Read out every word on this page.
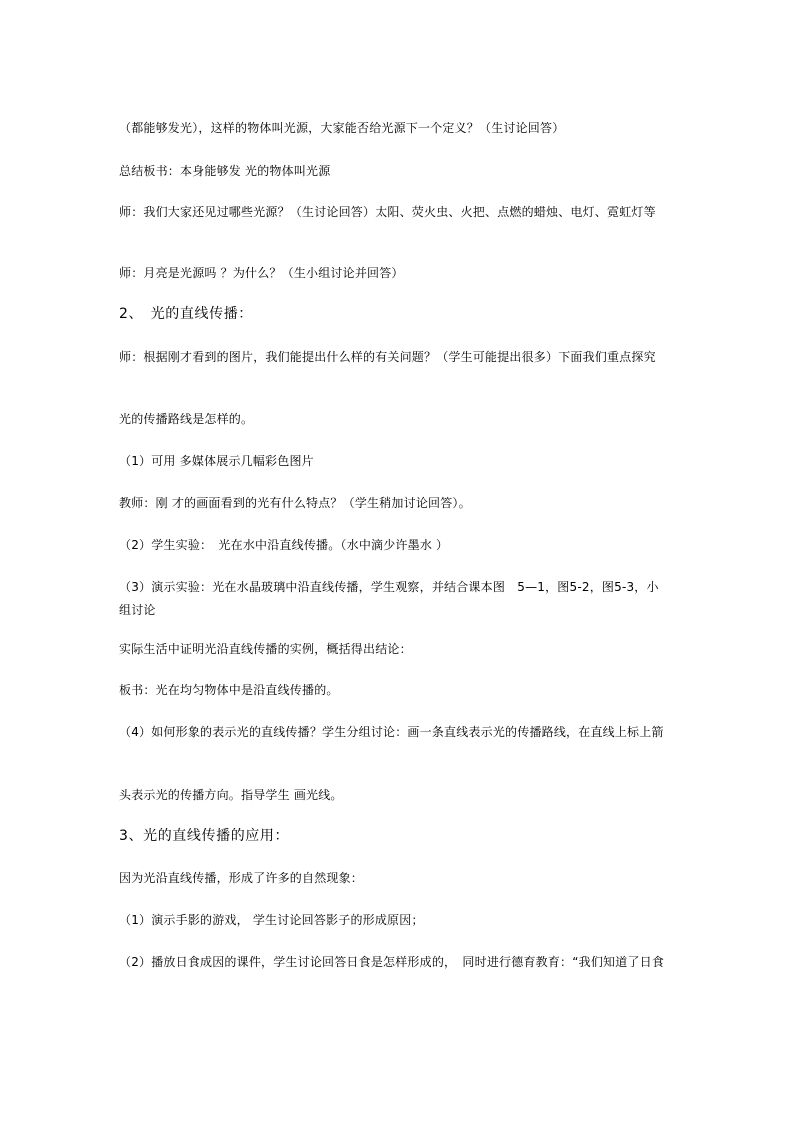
（都能够发光），这样的物体叫光源，大家能否给光源下一个定义？（生讨论回答）
总结板书：本身能够发 光的物体叫光源
师：我们大家还见过哪些光源？（生讨论回答）太阳、荧火虫、火把、点燃的蜡烛、电灯、霓虹灯等
师：月亮是光源吗 ？为什么？（生小组讨论并回答）
2、　光的直线传播：
师：根据刚才看到的图片，我们能提出什么样的有关问题？（学生可能提出很多）下面我们重点探究
光的传播路线是怎样的。
（1）可用 多媒体展示几幅彩色图片
教师：刚 才的画面看到的光有什么特点？（学生稍加讨论回答）。
（2）学生实验：　光在水中沿直线传播。（水中滴少许墨水 ）
（3）演示实验：光在水晶玻璃中沿直线传播，学生观察，并结合课本图　5—1，图5-2，图5-3，小组讨论
实际生活中证明光沿直线传播的实例，概括得出结论：
板书：光在均匀物体中是沿直线传播的。
（4）如何形象的表示光的直线传播？学生分组讨论：画一条直线表示光的传播路线，在直线上标上箭
头表示光的传播方向。指导学生 画光线。
3、光的直线传播的应用：
因为光沿直线传播，形成了许多的自然现象：
（1）演示手影的游戏， 学生讨论回答影子的形成原因；
（2）播放日食成因的课件，学生讨论回答日食是怎样形成的，　同时进行德育教育：“我们知道了日食
